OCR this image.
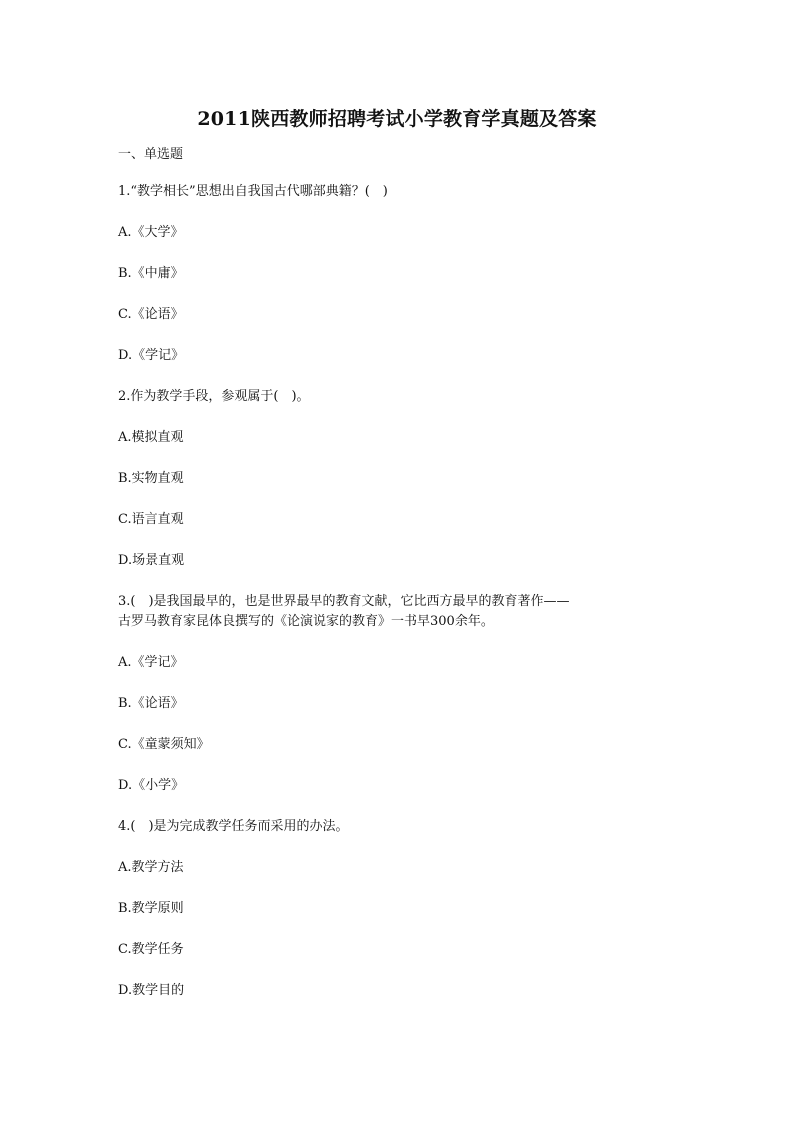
2011陕西教师招聘考试小学教育学真题及答案
一、单选题

1.“教学相长”思想出自我国古代哪部典籍？(　)

A.《大学》

B.《中庸》

C.《论语》

D.《学记》

2.作为教学手段，参观属于(　)。

A.模拟直观

B.实物直观

C.语言直观

D.场景直观

3.(　)是我国最早的，也是世界最早的教育文献，它比西方最早的教育著作——

古罗马教育家昆体良撰写的《论演说家的教育》一书早300余年。

A.《学记》

B.《论语》

C.《童蒙须知》

D.《小学》

4.(　)是为完成教学任务而采用的办法。

A.教学方法

B.教学原则

C.教学任务

D.教学目的
